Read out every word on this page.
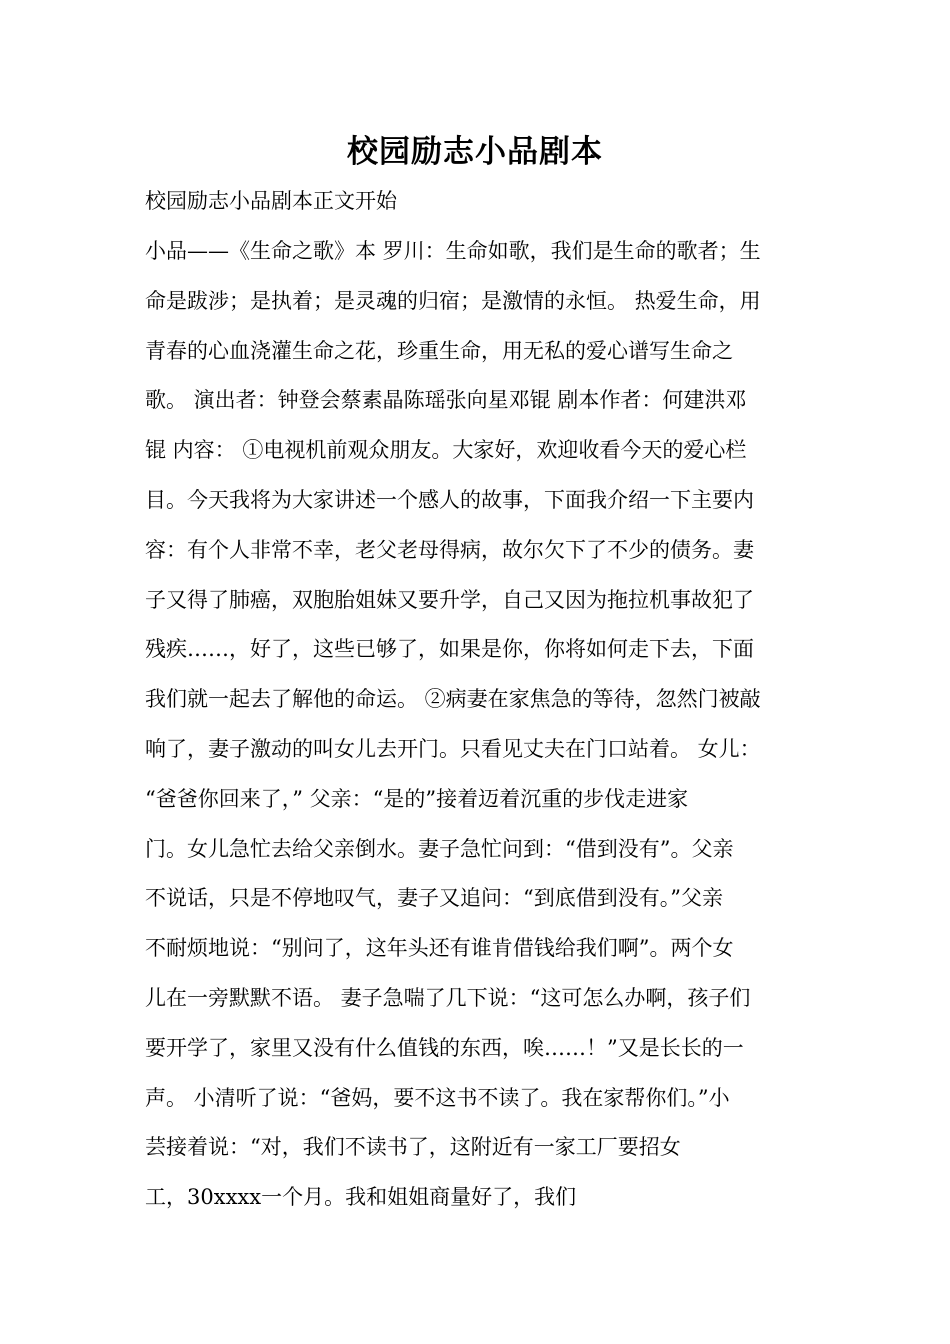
校园励志小品剧本
校园励志小品剧本正文开始
小品——《生命之歌》本 罗川：生命如歌，我们是生命的歌者；生
命是跋涉；是执着；是灵魂的归宿；是激情的永恒。 热爱生命，用
青春的心血浇灌生命之花，珍重生命，用无私的爱心谱写生命之
歌。 演出者：钟登会蔡素晶陈瑶张向星邓锟 剧本作者：何建洪邓
锟 内容： ①电视机前观众朋友。大家好，欢迎收看今天的爱心栏
目。今天我将为大家讲述一个感人的故事，下面我介绍一下主要内
容：有个人非常不幸，老父老母得病，故尔欠下了不少的债务。妻
子又得了肺癌，双胞胎姐妹又要升学，自己又因为拖拉机事故犯了
残疾……，好了，这些已够了，如果是你，你将如何走下去，下面
我们就一起去了解他的命运。 ②病妻在家焦急的等待，忽然门被敲
响了，妻子激动的叫女儿去开门。只看见丈夫在门口站着。 女儿：
“爸爸你回来了，” 父亲：“是的”接着迈着沉重的步伐走进家
门。女儿急忙去给父亲倒水。妻子急忙问到：“借到没有”。父亲
不说话，只是不停地叹气，妻子又追问：“到底借到没有。”父亲
不耐烦地说：“别问了，这年头还有谁肯借钱给我们啊”。两个女
儿在一旁默默不语。 妻子急喘了几下说：“这可怎么办啊，孩子们
要开学了，家里又没有什么值钱的东西，唉……！”又是长长的一
声。 小清听了说：“爸妈，要不这书不读了。我在家帮你们。”小
芸接着说：“对，我们不读书了，这附近有一家工厂要招女
工，30xxxx一个月。我和姐姐商量好了，我们
